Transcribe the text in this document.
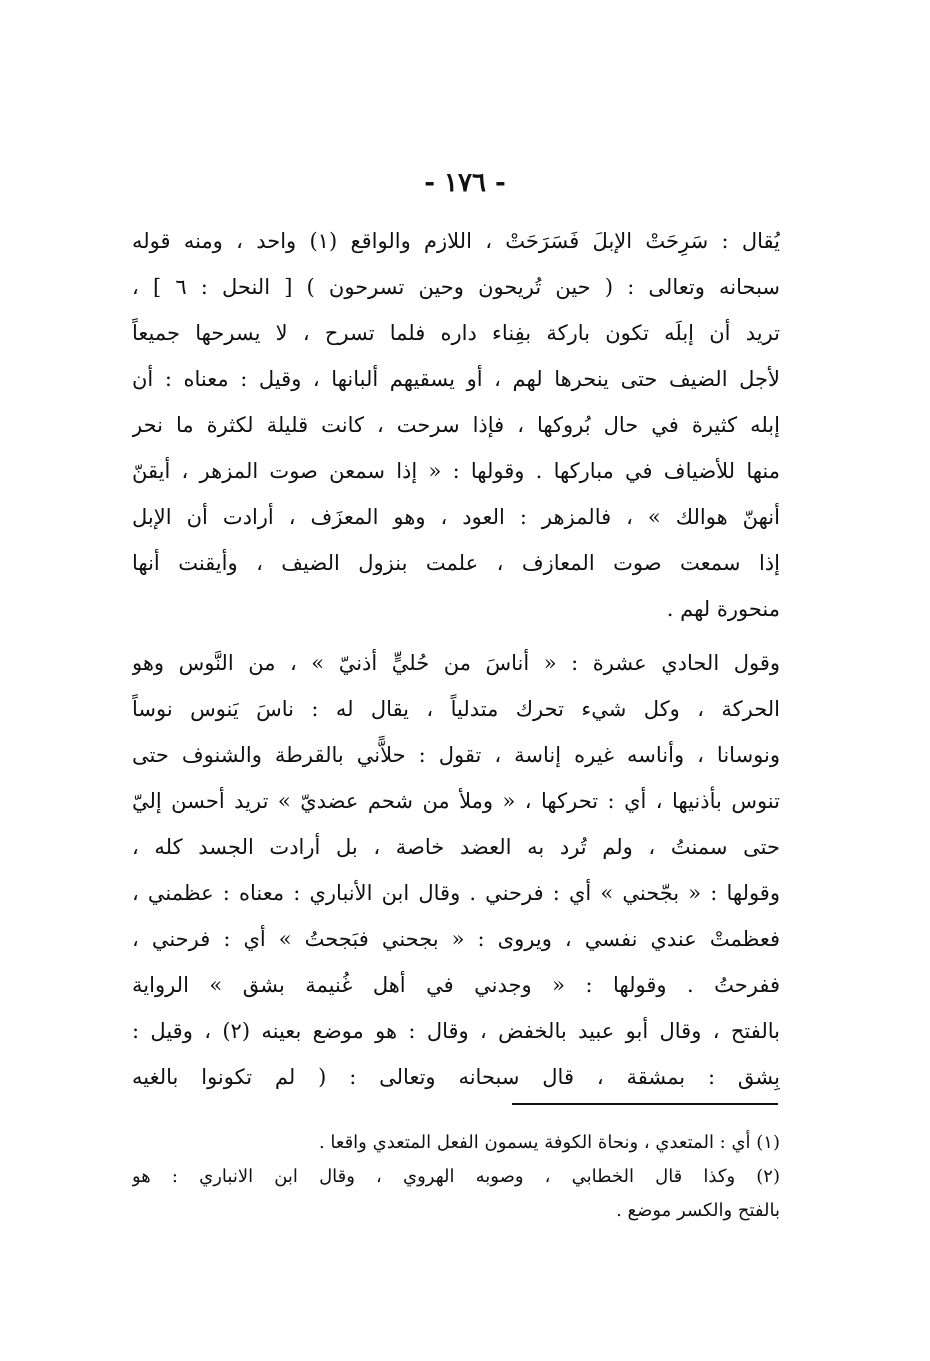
- ١٧٦ -
يُقال : سَرِحَتْ الإبلَ فَسَرَحَتْ ، اللازم والواقع (١) واحد ، ومنه قوله
سبحانه وتعالى : ( حين تُريحون وحين تسرحون ) [ النحل : ٦ ] ،
تريد أن إبلَه تكون باركة بفِناء داره فلما تسرح ، لا يسرحها جميعاً
لأجل الضيف حتى ينحرها لهم ، أو يسقيهم ألبانها ، وقيل : معناه : أن
إبله كثيرة في حال بُروكها ، فإذا سرحت ، كانت قليلة لكثرة ما نحر
منها للأضياف في مباركها . وقولها : « إذا سمعن صوت المزهر ، أيقنّ
أنهنّ هوالك » ، فالمزهر : العود ، وهو المعزَف ، أرادت أن الإبل
إذا سمعت صوت المعازف ، علمت بنزول الضيف ، وأيقنت أنها
منحورة لهم .
وقول الحادي عشرة : « أناسَ من حُليٍّ أذنيّ » ، من النَّوس وهو
الحركة ، وكل شيء تحرك متدلياً ، يقال له : ناسَ يَنوس نوساً
ونوسانا ، وأناسه غيره إناسة ، تقول : حلاًّني بالقرطة والشنوف حتى
تنوس بأذنيها ، أي : تحركها ، « وملأ من شحم عضديّ » تريد أحسن إليّ
حتى سمنتُ ، ولم تُرد به العضد خاصة ، بل أرادت الجسد كله ،
وقولها : « بجّحني » أي : فرحني . وقال ابن الأنباري : معناه : عظمني ،
فعظمتْ عندي نفسي ، ويروى : « بجحني فبَجحتُ » أي : فرحني ،
ففرحتُ . وقولها : « وجدني في أهل غُنيمة بشق » الرواية
بالفتح ، وقال أبو عبيد بالخفض ، وقال : هو موضع بعينه (٢) ، وقيل :
بِشق : بمشقة ، قال سبحانه وتعالى : ( لم تكونوا بالغيه
(١) أي : المتعدي ، ونحاة الكوفة يسمون الفعل المتعدي واقعا .
(٢) وكذا قال الخطابي ، وصوبه الهروي ، وقال ابن الانباري : هو
بالفتح والكسر موضع .
